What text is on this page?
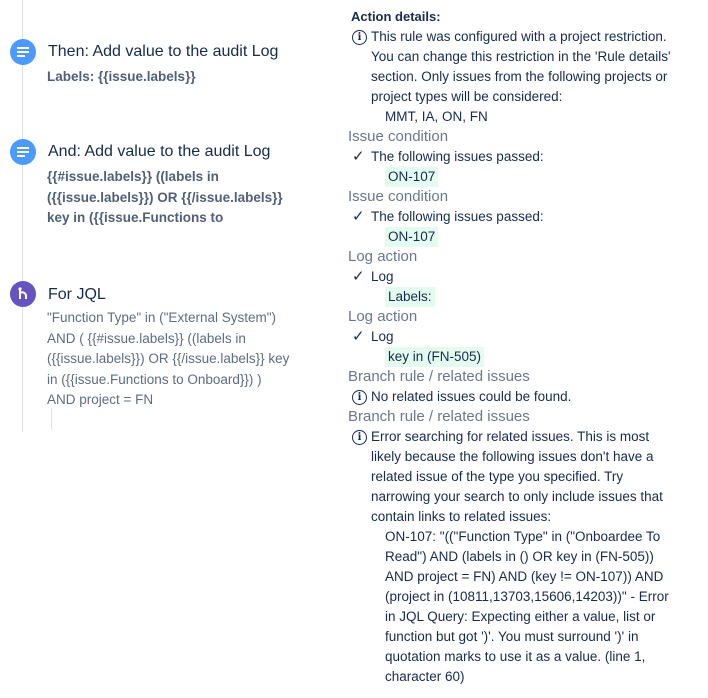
Then: Add value to the audit Log
Labels: {{issue.labels}}
And: Add value to the audit Log
{{#issue.labels}} ((labels in
({{issue.labels}}) OR {{/issue.labels}}
key in ({{issue.Functions to
For JQL
"Function Type" in ("External System")
AND ( {{#issue.labels}} ((labels in
({{issue.labels}}) OR {{/issue.labels}} key
in ({{issue.Functions to Onboard}}) )
AND project = FN
Action details:
i This rule was configured with a project restriction.
You can change this restriction in the 'Rule details'
section. Only issues from the following projects or
project types will be considered:
MMT, IA, ON, FN
Issue condition
✓ The following issues passed:
ON-107
Issue condition
✓ The following issues passed:
ON-107
Log action
✓ Log
Labels:
Log action
✓ Log
key in (FN-505)
Branch rule / related issues
i No related issues could be found.
Branch rule / related issues
i Error searching for related issues. This is most
likely because the following issues don't have a
related issue of the type you specified. Try
narrowing your search to only include issues that
contain links to related issues:
ON-107: "(("Function Type" in ("Onboardee To
Read") AND (labels in () OR key in (FN-505))
AND project = FN) AND (key != ON-107)) AND
(project in (10811,13703,15606,14203))" - Error
in JQL Query: Expecting either a value, list or
function but got ')'. You must surround ')' in
quotation marks to use it as a value. (line 1,
character 60)
